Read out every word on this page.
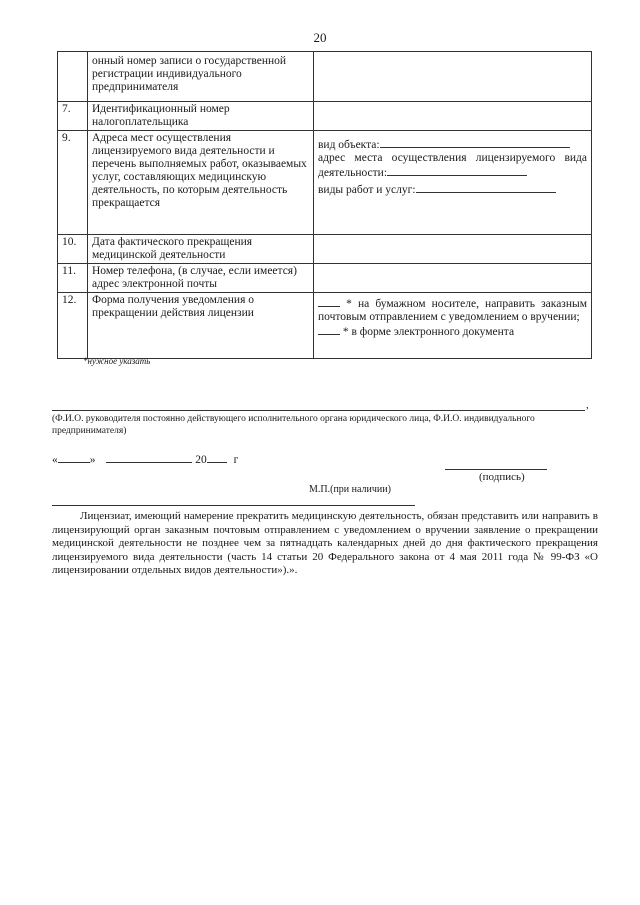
20
	онный номер записи о государственной регистрации индивидуального предпринимателя	
7.	Идентификационный номер налогоплательщика	
9.	Адреса мест осуществления лицензируемого вида деятельности и перечень выполняемых работ, оказываемых услуг, составляющих медицинскую деятельность, по которым деятельность прекращается	вид объекта:
адрес места осуществления лицензируемого вида деятельности:
виды работ и услуг:

10.	Дата фактического прекращения медицинской деятельности	
11.	Номер телефона, (в случае, если имеется) адрес электронной почты	
12.	Форма получения уведомления о прекращении действия лицензии	* на бумажном носителе, направить заказным почтовым отправлением с уведомлением о вручении;
* в форме электронного документа
*нужное указать
,
(Ф.И.О. руководителя постоянно действующего исполнительного органа юридического лица, Ф.И.О. индивидуального предпринимателя)
«	»	20 г
(подпись)
М.П.(при наличии)

Лицензиат, имеющий намерение прекратить медицинскую деятельность, обязан представить или направить в лицензирующий орган заказным почтовым отправлением с уведомлением о вручении заявление о прекращении медицинской деятельности не позднее чем за пятнадцать календарных дней до дня фактического прекращения лицензируемого вида деятельности (часть 14 статьи 20 Федерального закона от 4 мая 2011 года № 99-ФЗ «О лицензировании отдельных видов деятельности»).».
